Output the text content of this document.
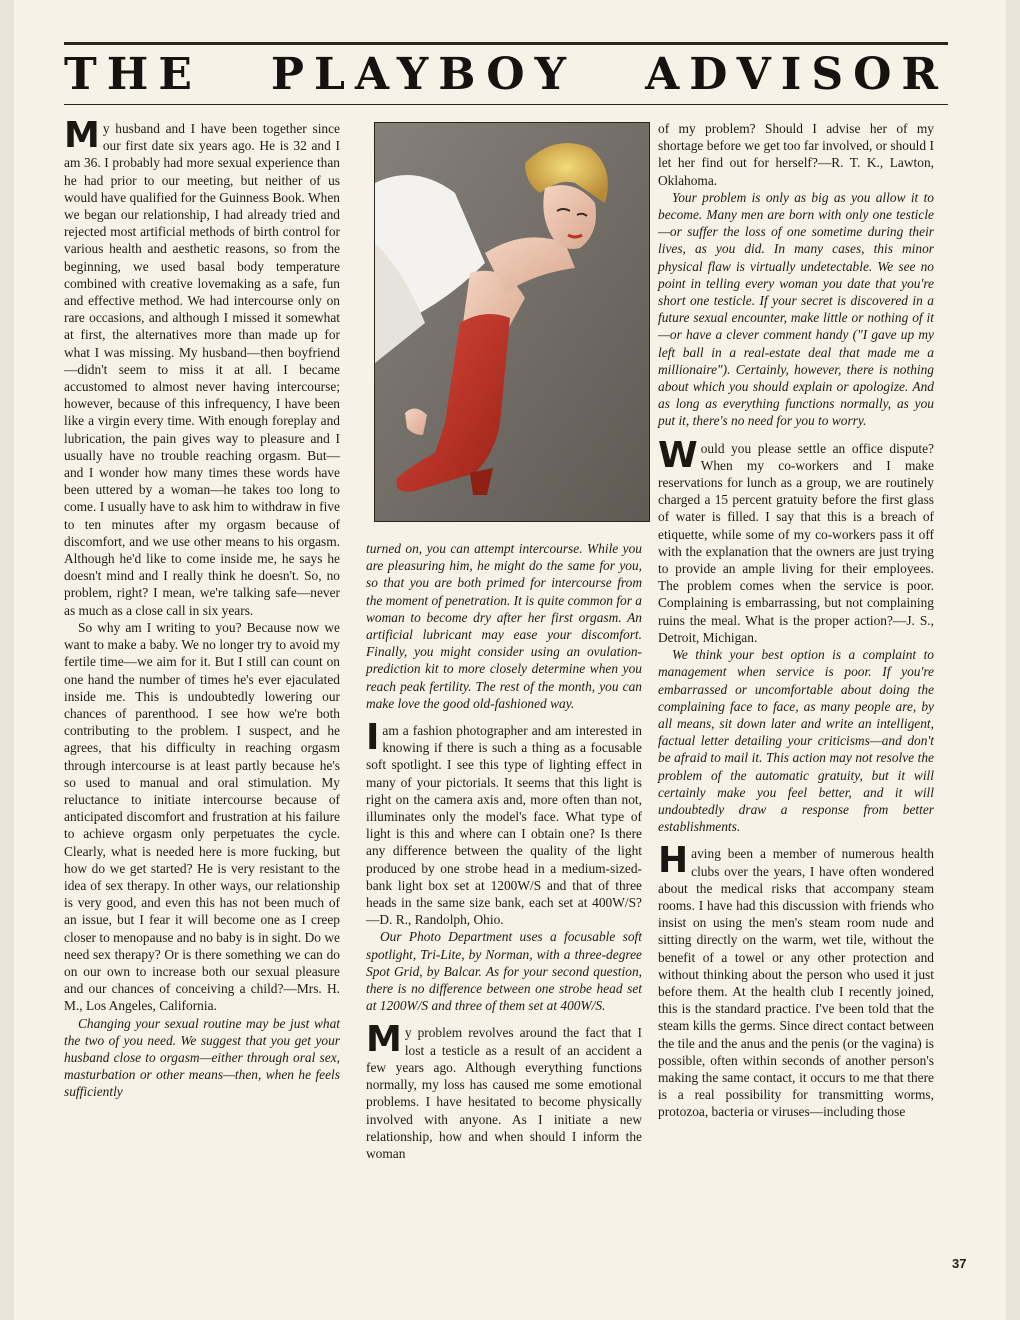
THE PLAYBOY ADVISOR

My husband and I have been together since our first date six years ago. He is 32 and I am 36. I probably had more sexual experience than he had prior to our meeting, but neither of us would have qualified for the Guinness Book. When we began our relationship, I had already tried and rejected most artificial methods of birth control for various health and aesthetic reasons, so from the beginning, we used basal body temperature combined with creative lovemaking as a safe, fun and effective method. We had intercourse only on rare occasions, and although I missed it somewhat at first, the alternatives more than made up for what I was missing. My husband—then boyfriend—didn't seem to miss it at all. I became accustomed to almost never having intercourse; however, because of this infrequency, I have been like a virgin every time. With enough foreplay and lubrication, the pain gives way to pleasure and I usually have no trouble reaching orgasm. But—and I wonder how many times these words have been uttered by a woman—he takes too long to come. I usually have to ask him to withdraw in five to ten minutes after my orgasm because of discomfort, and we use other means to his orgasm. Although he'd like to come inside me, he says he doesn't mind and I really think he doesn't. So, no problem, right? I mean, we're talking safe—never as much as a close call in six years.

So why am I writing to you? Because now we want to make a baby. We no longer try to avoid my fertile time—we aim for it. But I still can count on one hand the number of times he's ever ejaculated inside me. This is undoubtedly lowering our chances of parenthood. I see how we're both contributing to the problem. I suspect, and he agrees, that his difficulty in reaching orgasm through intercourse is at least partly because he's so used to manual and oral stimulation. My reluctance to initiate intercourse because of anticipated discomfort and frustration at his failure to achieve orgasm only perpetuates the cycle. Clearly, what is needed here is more fucking, but how do we get started? He is very resistant to the idea of sex therapy. In other ways, our relationship is very good, and even this has not been much of an issue, but I fear it will become one as I creep closer to menopause and no baby is in sight. Do we need sex therapy? Or is there something we can do on our own to increase both our sexual pleasure and our chances of conceiving a child?—Mrs. H. M., Los Angeles, California.

Changing your sexual routine may be just what the two of you need. We suggest that you get your husband close to orgasm—either through oral sex, masturbation or other means—then, when he feels sufficiently

turned on, you can attempt intercourse. While you are pleasuring him, he might do the same for you, so that you are both primed for intercourse from the moment of penetration. It is quite common for a woman to become dry after her first orgasm. An artificial lubricant may ease your discomfort. Finally, you might consider using an ovulation-prediction kit to more closely determine when you reach peak fertility. The rest of the month, you can make love the good old-fashioned way.

I am a fashion photographer and am interested in knowing if there is such a thing as a focusable soft spotlight. I see this type of lighting effect in many of your pictorials. It seems that this light is right on the camera axis and, more often than not, illuminates only the model's face. What type of light is this and where can I obtain one? Is there any difference between the quality of the light produced by one strobe head in a medium-sized-bank light box set at 1200W/S and that of three heads in the same size bank, each set at 400W/S?—D. R., Randolph, Ohio.

Our Photo Department uses a focusable soft spotlight, Tri-Lite, by Norman, with a three-degree Spot Grid, by Balcar. As for your second question, there is no difference between one strobe head set at 1200W/S and three of them set at 400W/S.

My problem revolves around the fact that I lost a testicle as a result of an accident a few years ago. Although everything functions normally, my loss has caused me some emotional problems. I have hesitated to become physically involved with anyone. As I initiate a new relationship, how and when should I inform the woman

of my problem? Should I advise her of my shortage before we get too far involved, or should I let her find out for herself?—R. T. K., Lawton, Oklahoma.

Your problem is only as big as you allow it to become. Many men are born with only one testicle—or suffer the loss of one sometime during their lives, as you did. In many cases, this minor physical flaw is virtually undetectable. We see no point in telling every woman you date that you're short one testicle. If your secret is discovered in a future sexual encounter, make little or nothing of it—or have a clever comment handy ("I gave up my left ball in a real-estate deal that made me a millionaire"). Certainly, however, there is nothing about which you should explain or apologize. And as long as everything functions normally, as you put it, there's no need for you to worry.

Would you please settle an office dispute? When my co-workers and I make reservations for lunch as a group, we are routinely charged a 15 percent gratuity before the first glass of water is filled. I say that this is a breach of etiquette, while some of my co-workers pass it off with the explanation that the owners are just trying to provide an ample living for their employees. The problem comes when the service is poor. Complaining is embarrassing, but not complaining ruins the meal. What is the proper action?—J. S., Detroit, Michigan.

We think your best option is a complaint to management when service is poor. If you're embarrassed or uncomfortable about doing the complaining face to face, as many people are, by all means, sit down later and write an intelligent, factual letter detailing your criticisms—and don't be afraid to mail it. This action may not resolve the problem of the automatic gratuity, but it will certainly make you feel better, and it will undoubtedly draw a response from better establishments.

Having been a member of numerous health clubs over the years, I have often wondered about the medical risks that accompany steam rooms. I have had this discussion with friends who insist on using the men's steam room nude and sitting directly on the warm, wet tile, without the benefit of a towel or any other protection and without thinking about the person who used it just before them. At the health club I recently joined, this is the standard practice. I've been told that the steam kills the germs. Since direct contact between the tile and the anus and the penis (or the vagina) is possible, often within seconds of another person's making the same contact, it occurs to me that there is a real possibility for transmitting worms, protozoa, bacteria or viruses—including those

37
